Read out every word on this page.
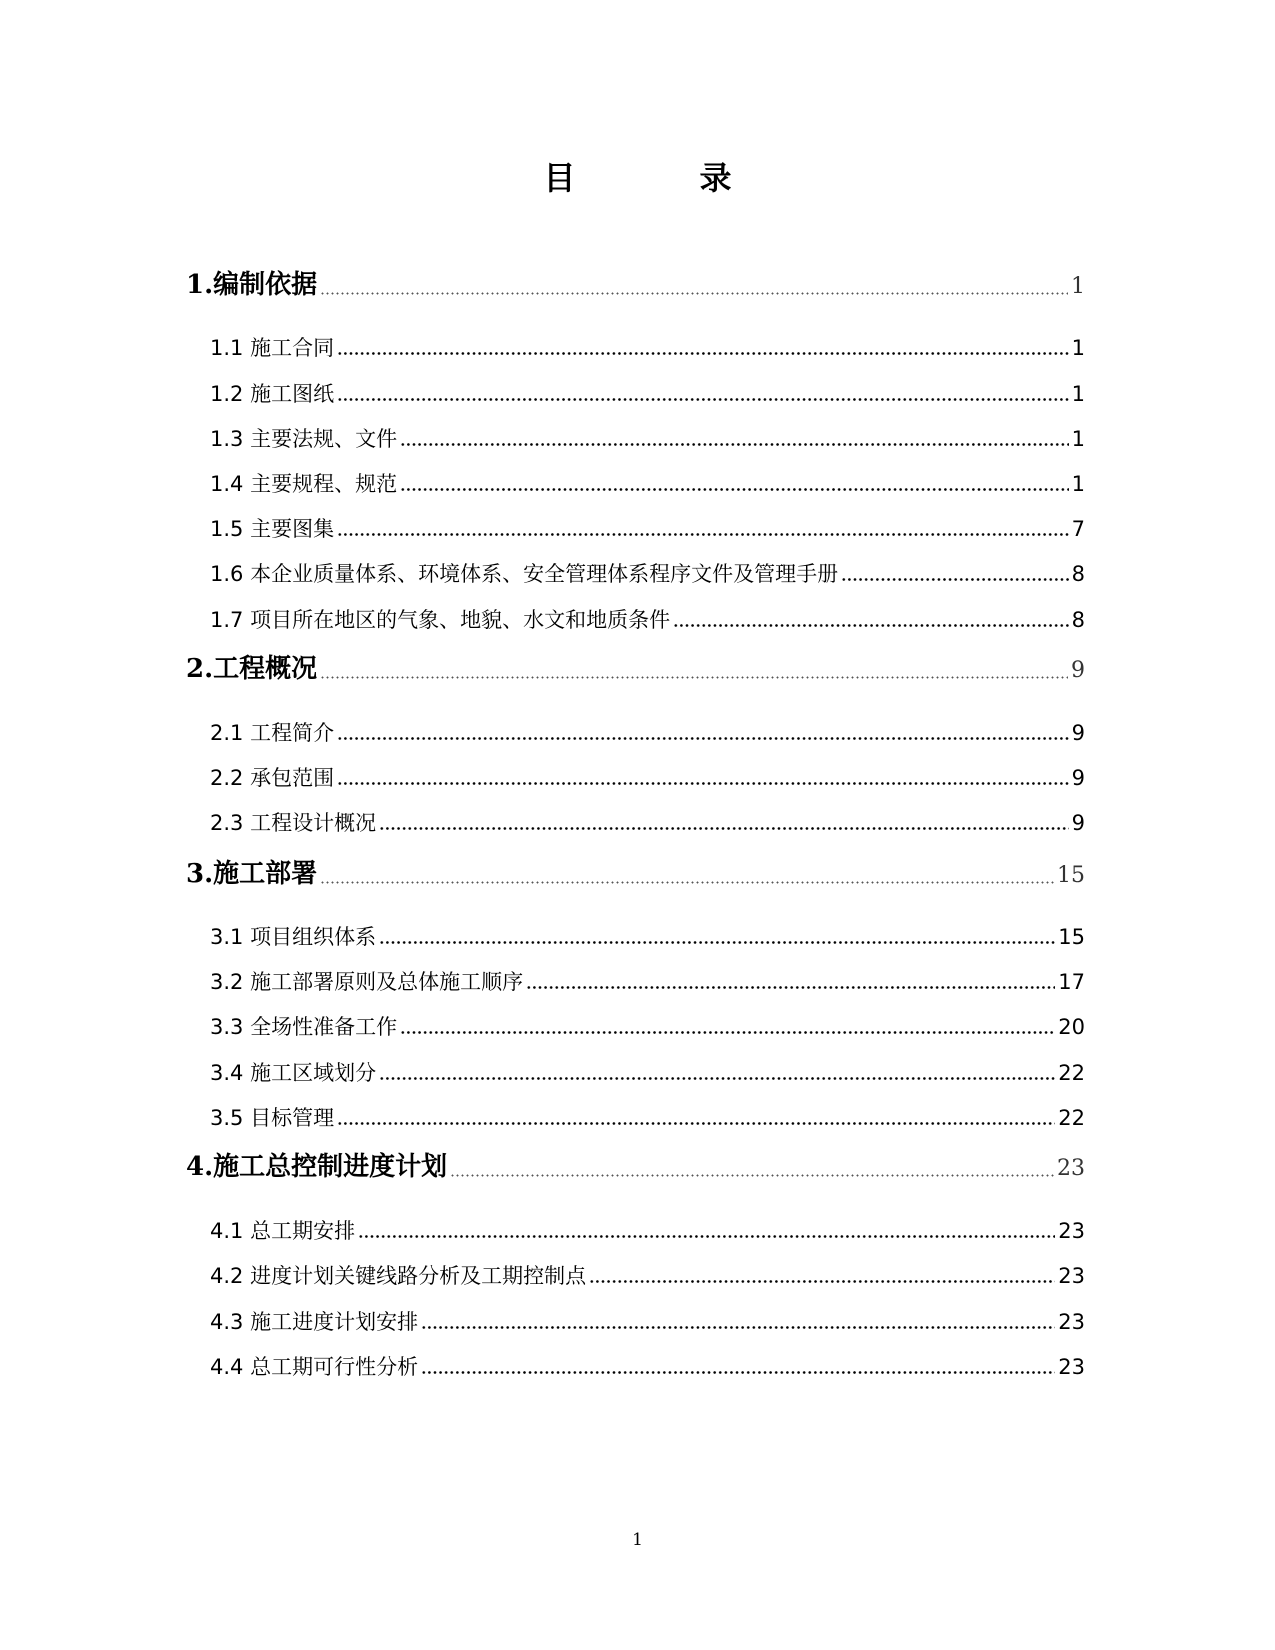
目　录
1.编制依据	1
1.1 施工合同	1
1.2 施工图纸	1
1.3 主要法规、文件	1
1.4 主要规程、规范	1
1.5 主要图集	7
1.6 本企业质量体系、环境体系、安全管理体系程序文件及管理手册	8
1.7 项目所在地区的气象、地貌、水文和地质条件	8
2.工程概况	9
2.1 工程简介	9
2.2 承包范围	9
2.3 工程设计概况	9
3.施工部署	15
3.1 项目组织体系	15
3.2 施工部署原则及总体施工顺序	17
3.3 全场性准备工作	20
3.4 施工区域划分	22
3.5 目标管理	22
4.施工总控制进度计划	23
4.1 总工期安排	23
4.2 进度计划关键线路分析及工期控制点	23
4.3 施工进度计划安排	23
4.4 总工期可行性分析	23
1
